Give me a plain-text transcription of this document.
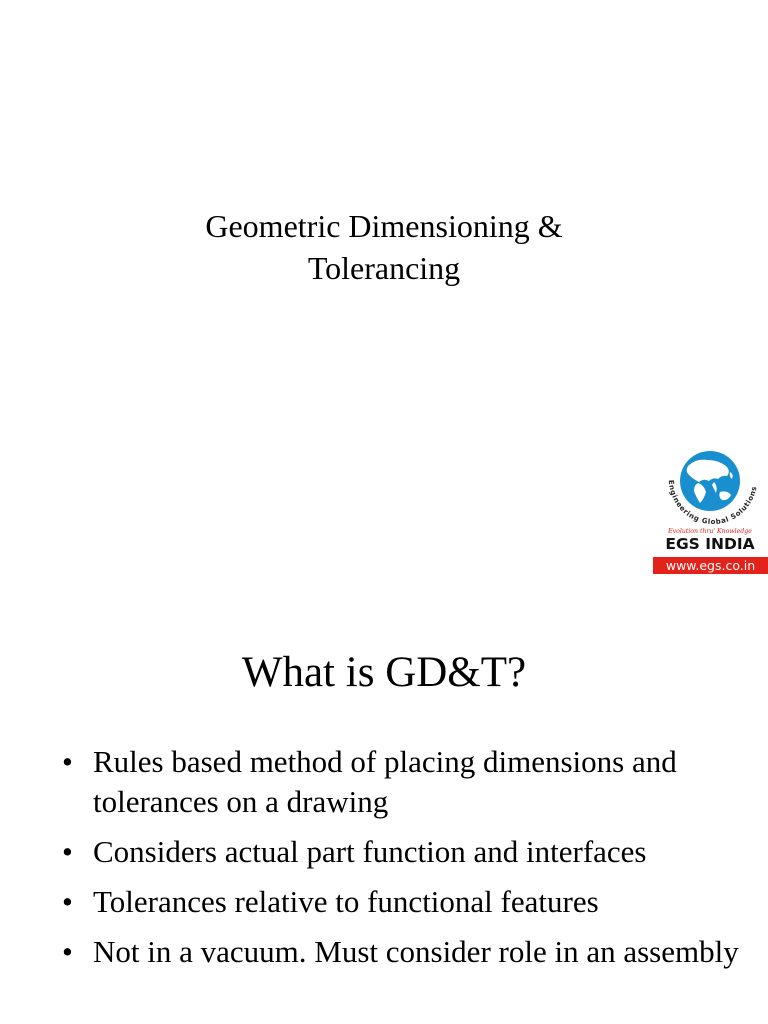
Geometric Dimensioning &
Tolerancing
Engineering Global Solutions
Evolution thru' Knowledge
EGS INDIA
www.egs.co.in
What is GD&T?
• Rules based method of placing dimensions and tolerances on a drawing
• Considers actual part function and interfaces
• Tolerances relative to functional features
• Not in a vacuum. Must consider role in an assembly
